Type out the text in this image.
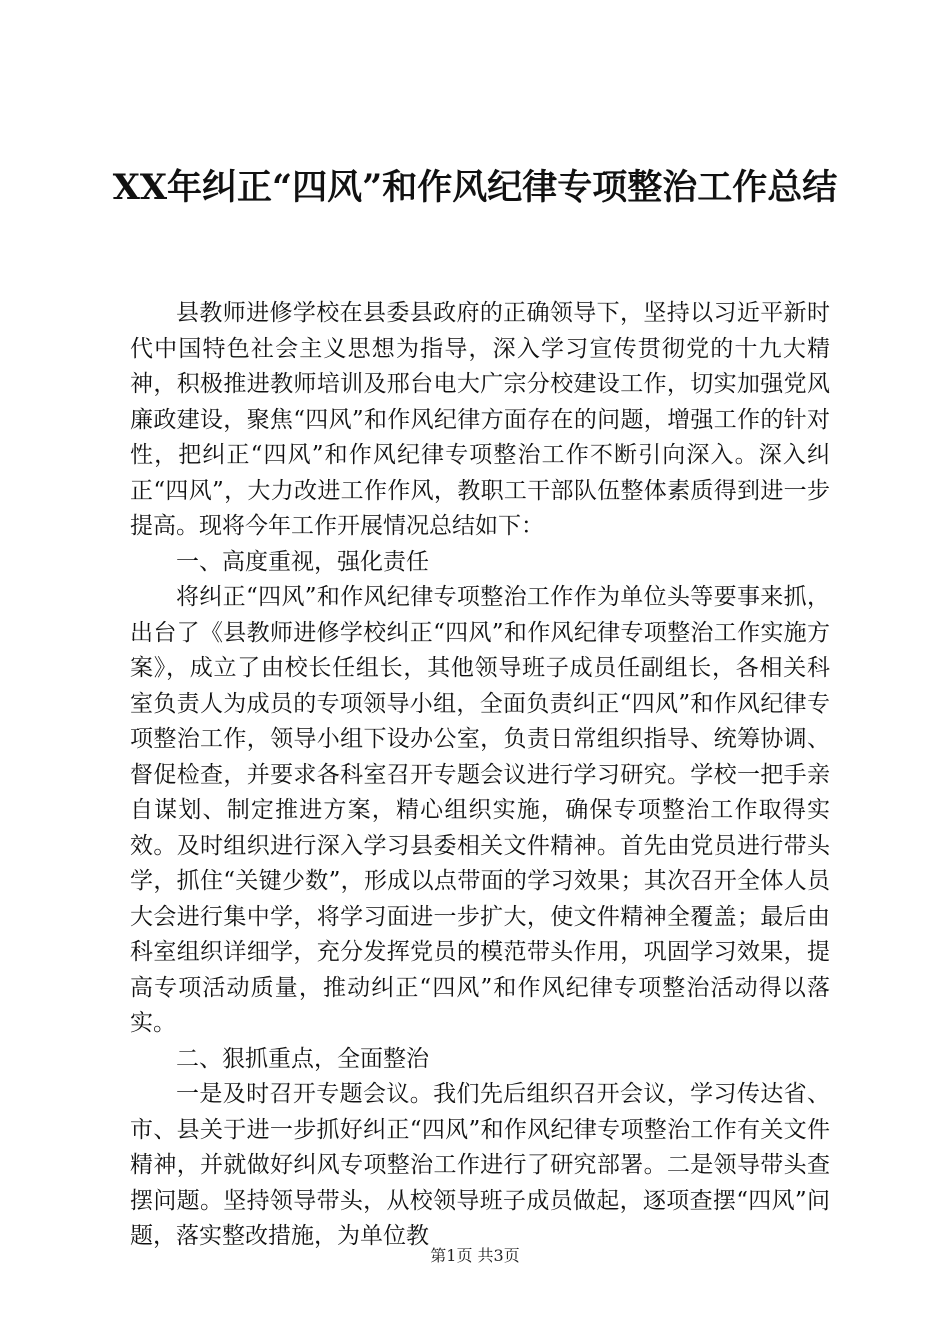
XX年纠正“四风”和作风纪律专项整治工作总结

县教师进修学校在县委县政府的正确领导下，坚持以习近平新时代中国特色社会主义思想为指导，深入学习宣传贯彻党的十九大精神，积极推进教师培训及邢台电大广宗分校建设工作，切实加强党风廉政建设，聚焦“四风”和作风纪律方面存在的问题，增强工作的针对性，把纠正“四风”和作风纪律专项整治工作不断引向深入。深入纠正“四风”，大力改进工作作风，教职工干部队伍整体素质得到进一步提高。现将今年工作开展情况总结如下：

一、高度重视，强化责任

将纠正“四风”和作风纪律专项整治工作作为单位头等要事来抓，出台了《县教师进修学校纠正“四风”和作风纪律专项整治工作实施方案》，成立了由校长任组长，其他领导班子成员任副组长，各相关科室负责人为成员的专项领导小组，全面负责纠正“四风”和作风纪律专项整治工作，领导小组下设办公室，负责日常组织指导、统筹协调、督促检查，并要求各科室召开专题会议进行学习研究。学校一把手亲自谋划、制定推进方案，精心组织实施，确保专项整治工作取得实效。及时组织进行深入学习县委相关文件精神。首先由党员进行带头学，抓住“关键少数”，形成以点带面的学习效果；其次召开全体人员大会进行集中学，将学习面进一步扩大，使文件精神全覆盖；最后由科室组织详细学，充分发挥党员的模范带头作用，巩固学习效果，提高专项活动质量，推动纠正“四风”和作风纪律专项整治活动得以落实。

二、狠抓重点，全面整治

一是及时召开专题会议。我们先后组织召开会议，学习传达省、市、县关于进一步抓好纠正“四风”和作风纪律专项整治工作有关文件精神，并就做好纠风专项整治工作进行了研究部署。二是领导带头查摆问题。坚持领导带头，从校领导班子成员做起，逐项查摆“四风”问题，落实整改措施，为单位教

第1页 共3页
